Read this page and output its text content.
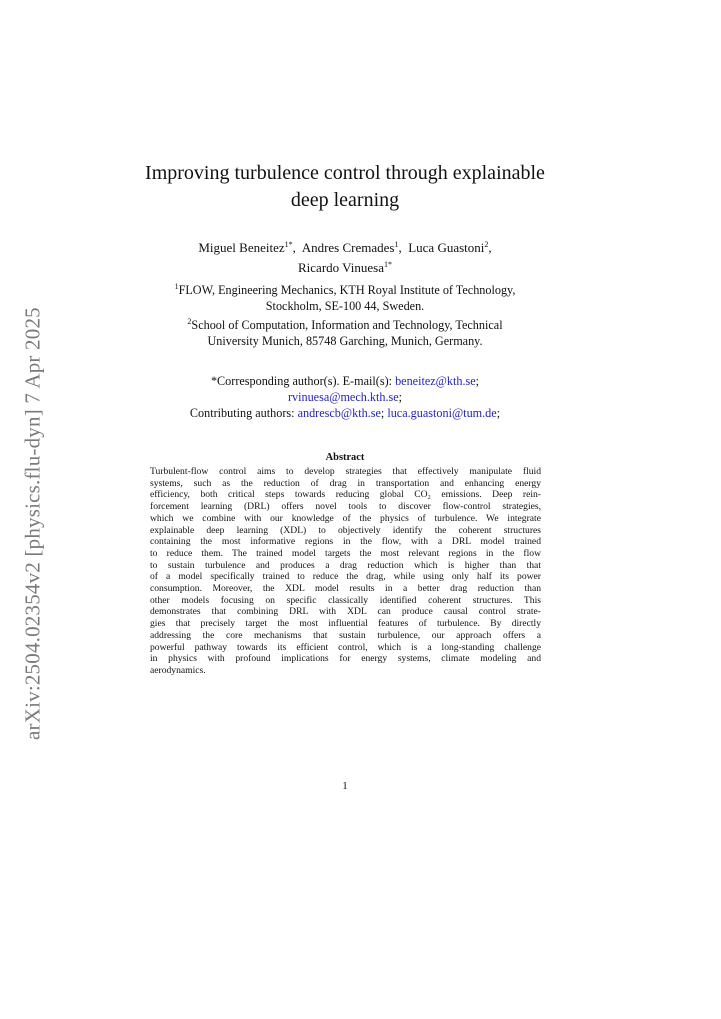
arXiv:2504.02354v2 [physics.flu-dyn] 7 Apr 2025
Improving turbulence control through explainable
deep learning
Miguel Beneitez$^{1*}$,  Andres Cremades$^1$,  Luca Guastoni$^2$,
Ricardo Vinuesa$^{1*}$
$^1$FLOW, Engineering Mechanics, KTH Royal Institute of Technology,
Stockholm, SE-100 44, Sweden.
$^2$School of Computation, Information and Technology, Technical
University Munich, 85748 Garching, Munich, Germany.
*Corresponding author(s). E-mail(s): beneitez@kth.se;
rvinuesa@mech.kth.se;
Contributing authors: andrescb@kth.se; luca.guastoni@tum.de;
Abstract
Turbulent-flow control aims to develop strategies that effectively manipulate fluid
systems, such as the reduction of drag in transportation and enhancing energy
efficiency, both critical steps towards reducing global CO₂ emissions. Deep rein-
forcement learning (DRL) offers novel tools to discover flow-control strategies,
which we combine with our knowledge of the physics of turbulence. We integrate
explainable deep learning (XDL) to objectively identify the coherent structures
containing the most informative regions in the flow, with a DRL model trained
to reduce them. The trained model targets the most relevant regions in the flow
to sustain turbulence and produces a drag reduction which is higher than that
of a model specifically trained to reduce the drag, while using only half its power
consumption. Moreover, the XDL model results in a better drag reduction than
other models focusing on specific classically identified coherent structures. This
demonstrates that combining DRL with XDL can produce causal control strate-
gies that precisely target the most influential features of turbulence. By directly
addressing the core mechanisms that sustain turbulence, our approach offers a
powerful pathway towards its efficient control, which is a long-standing challenge
in physics with profound implications for energy systems, climate modeling and
aerodynamics.
1
